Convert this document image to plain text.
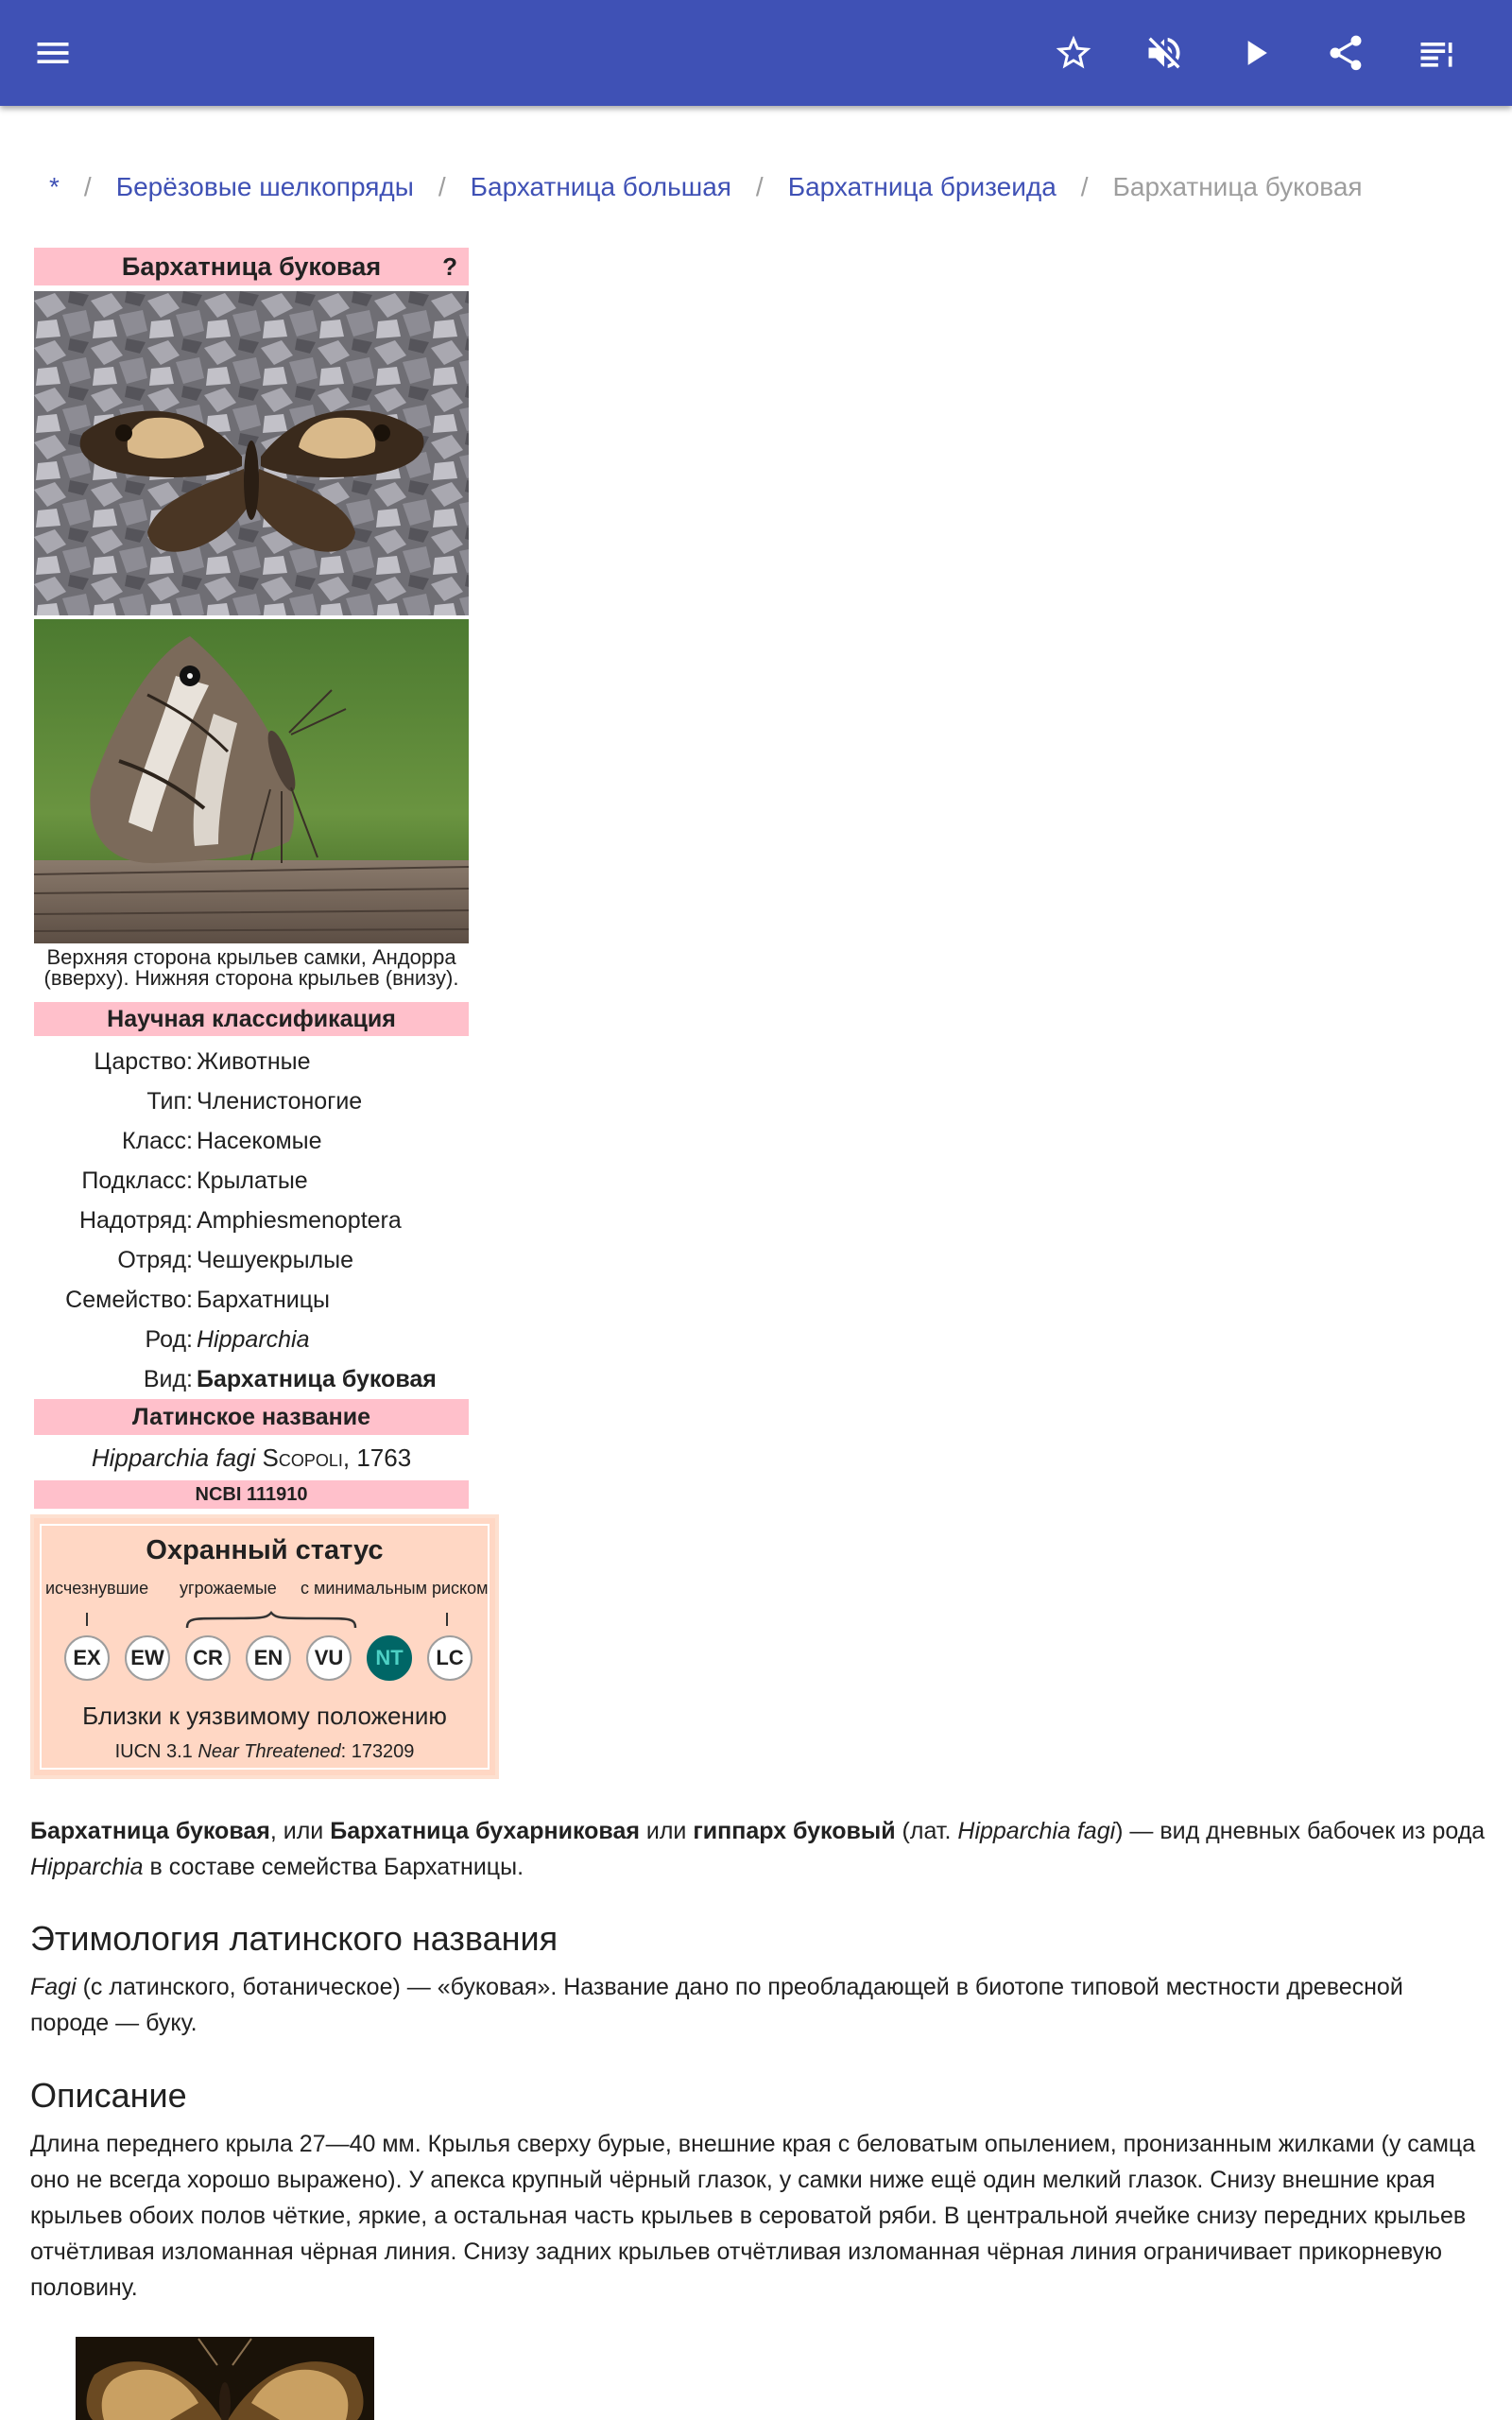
* / Берёзовые шелкопряды / Бархатница большая / Бархатница бризеида / Бархатница буковая
Бархатница буковая	?
Верхняя сторона крыльев самки, Андорра (вверху). Нижняя сторона крыльев (внизу).
Научная классификация
Царство: Животные
Тип: Членистоногие
Класс: Насекомые
Подкласс: Крылатые
Надотряд: Amphiesmenoptera
Отряд: Чешуекрылые
Семейство: Бархатницы
Род: Hipparchia
Вид: Бархатница буковая
Латинское название
Hipparchia fagi Scopoli, 1763
NCBI 111910
Охранный статус
исчезнувшие угрожаемые с минимальным риском
EX	EW	CR	EN	VU	NT	LC
Близки к уязвимому положению
IUCN 3.1 Near Threatened: 173209
Бархатница буковая, или Бархатница бухарниковая или гиппарх буковый (лат. Hipparchia fagi) — вид дневных бабочек из рода Hipparchia в составе семейства Бархатницы.
Этимология латинского названия
Fagi (с латинского, ботаническое) — «буковая». Название дано по преобладающей в биотопе типовой местности древесной породе — буку.
Описание
Длина переднего крыла 27—40 мм. Крылья сверху бурые, внешние края с беловатым опылением, пронизанным жилками (у самца оно не всегда хорошо выражено). У апекса крупный чёрный глазок, у самки ниже ещё один мелкий глазок. Снизу внешние края крыльев обоих полов чёткие, яркие, а остальная часть крыльев в сероватой ряби. В центральной ячейке снизу передних крыльев отчётливая изломанная чёрная линия. Снизу задних крыльев отчётливая изломанная чёрная линия ограничивает прикорневую половину.
